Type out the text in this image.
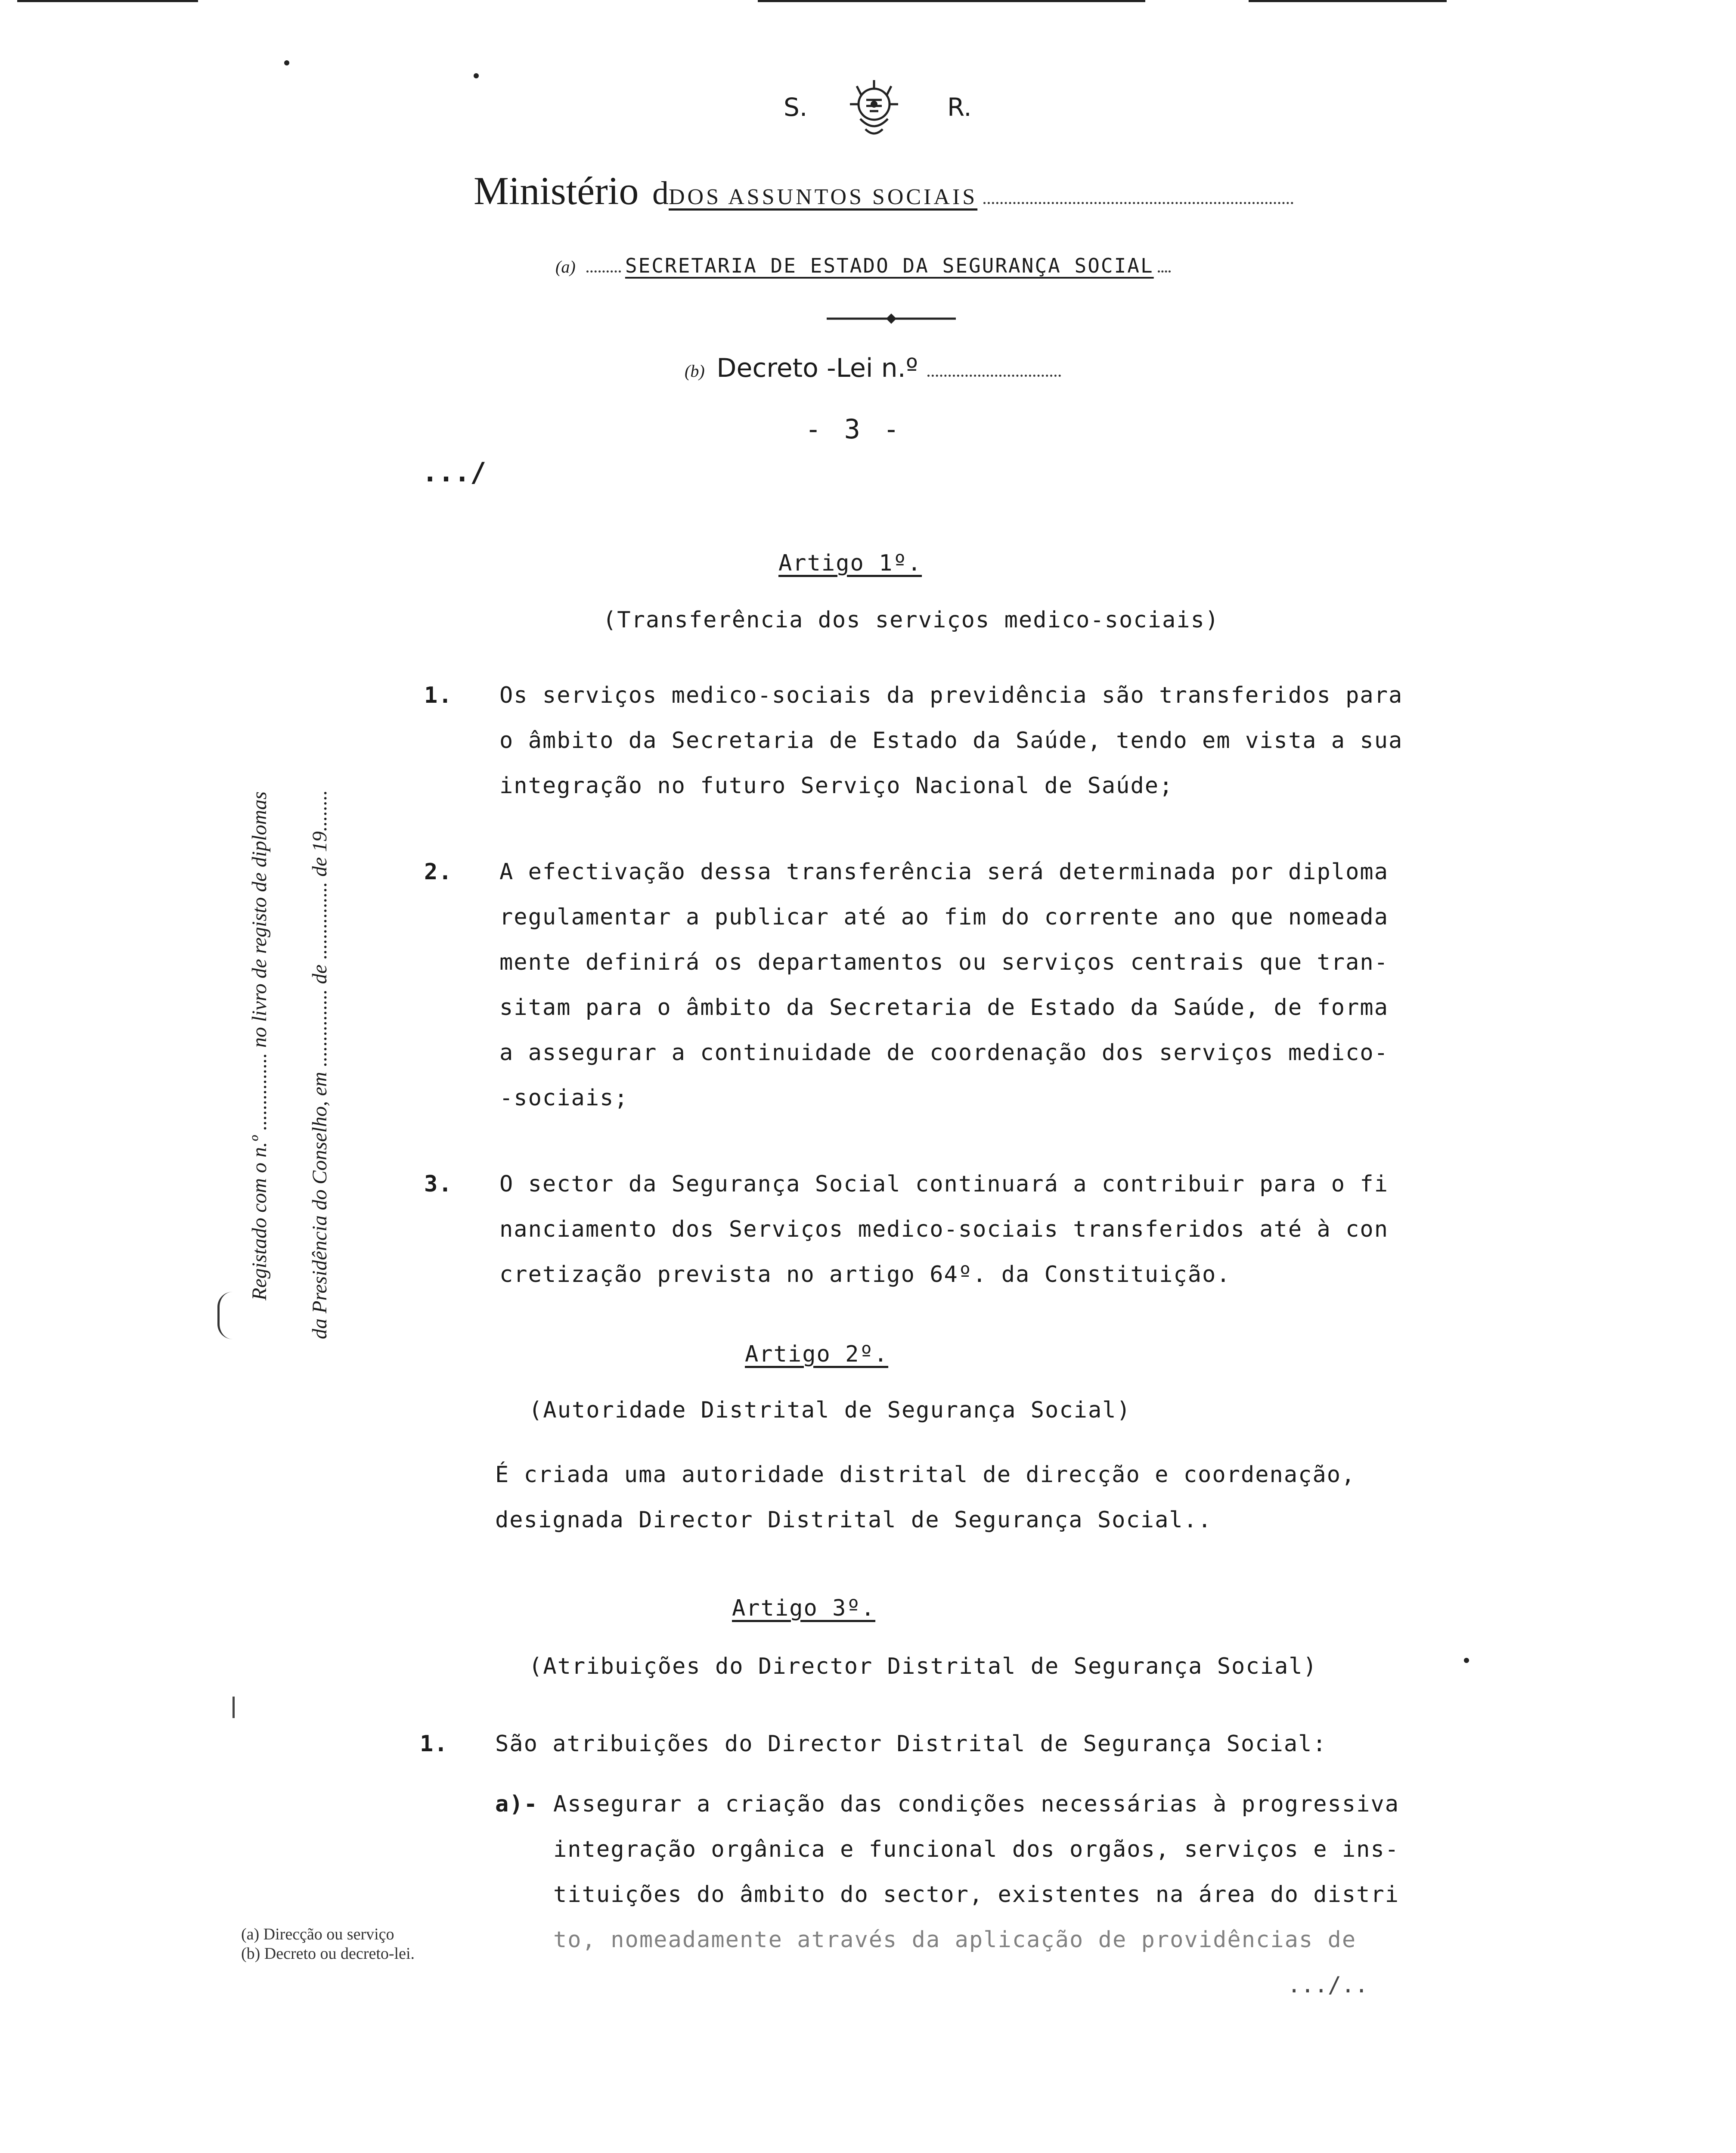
S.	R.
Ministério dDOS ASSUNTOS SOCIAIS
(a)	SECRETARIA DE ESTADO DA SEGURANÇA SOCIAL
(b) Decreto -Lei n.º
- 3 -
.../
Registado com o n.º ............... no livro de registo de diplomas da Presidência do Conselho, em ............... de ............... de 19........
Artigo 1º.
(Transferência dos serviços medico-sociais)
1. Os serviços medico-sociais da previdência são transferidos para
o âmbito da Secretaria de Estado da Saúde, tendo em vista a sua
integração no futuro Serviço Nacional de Saúde;
2. A efectivação dessa transferência será determinada por diploma
regulamentar a publicar até ao fim do corrente ano que nomeada
mente definirá os departamentos ou serviços centrais que tran-
sitam para o âmbito da Secretaria de Estado da Saúde, de forma
a assegurar a continuidade de coordenação dos serviços medico-
-sociais;
3. O sector da Segurança Social continuará a contribuir para o fi
nanciamento dos Serviços medico-sociais transferidos até à con
cretização prevista no artigo 64º. da Constituição.
Artigo 2º.
(Autoridade Distrital de Segurança Social)
É criada uma autoridade distrital de direcção e coordenação,
designada Director Distrital de Segurança Social..
Artigo 3º.
(Atribuições do Director Distrital de Segurança Social)
1. São atribuições do Director Distrital de Segurança Social:
a)- Assegurar a criação das condições necessárias à progressiva
integração orgânica e funcional dos orgãos, serviços e ins-
tituições do âmbito do sector, existentes na área do distri
to, nomeadamente através da aplicação de providências de
(a) Direcção ou serviço
(b) Decreto ou decreto-lei.
.../..
